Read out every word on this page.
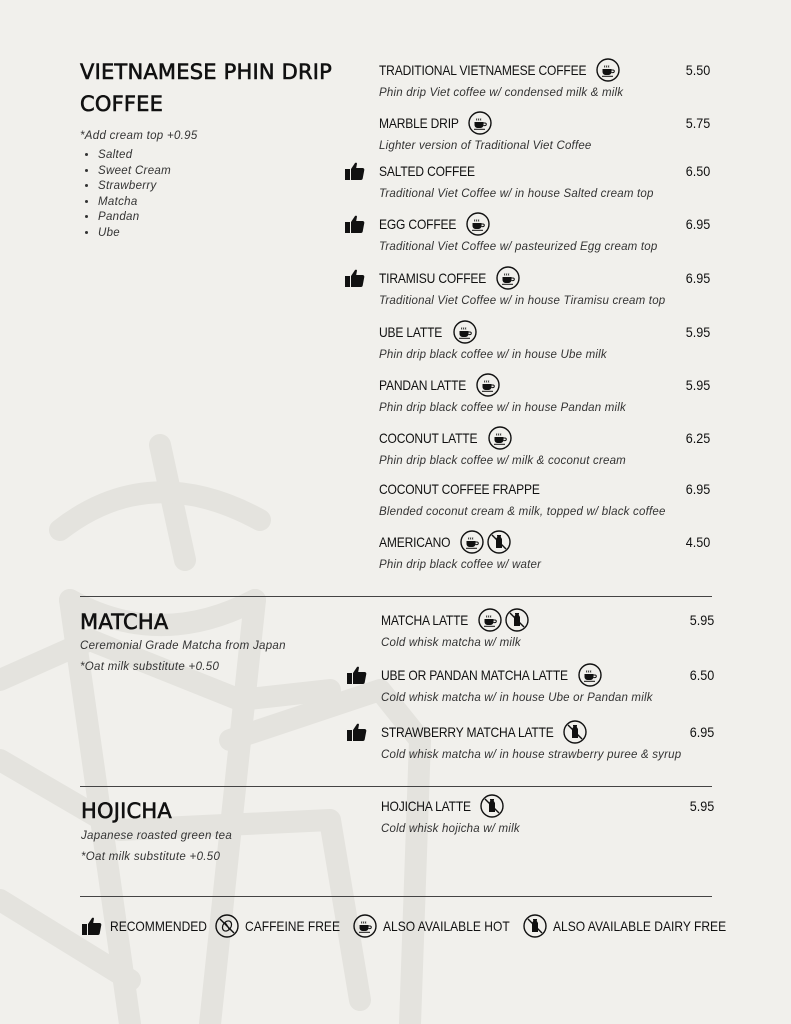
VIETNAMESE PHIN DRIP
COFFEE
*Add cream top +0.95
• Salted
• Sweet Cream
• Strawberry
• Matcha
• Pandan
• Ube
MATCHA
Ceremonial Grade Matcha from Japan
*Oat milk substitute +0.50
HOJICHA
Japanese roasted green tea
*Oat milk substitute +0.50
TRADITIONAL VIETNAMESE COFFEE	5.50
Phin drip Viet coffee w/ condensed milk & milk
MARBLE DRIP	5.75
Lighter version of Traditional Viet Coffee
SALTED COFFEE	6.50
Traditional Viet Coffee w/ in house Salted cream top
EGG COFFEE	6.95
Traditional Viet Coffee w/ pasteurized Egg cream top
TIRAMISU COFFEE	6.95
Traditional Viet Coffee w/ in house Tiramisu cream top
UBE LATTE	5.95
Phin drip black coffee w/ in house Ube milk
PANDAN LATTE	5.95
Phin drip black coffee w/ in house Pandan milk
COCONUT LATTE	6.25
Phin drip black coffee w/ milk & coconut cream
COCONUT COFFEE FRAPPE	6.95
Blended coconut cream & milk, topped w/ black coffee
AMERICANO	4.50
Phin drip black coffee w/ water
MATCHA LATTE	5.95
Cold whisk matcha w/ milk
UBE OR PANDAN MATCHA LATTE	6.50
Cold whisk matcha w/ in house Ube or Pandan milk
STRAWBERRY MATCHA LATTE	6.95
Cold whisk matcha w/ in house strawberry puree & syrup
HOJICHA LATTE	5.95
Cold whisk hojicha w/ milk
RECOMMENDED	CAFFEINE FREE	ALSO AVAILABLE HOT	ALSO AVAILABLE DAIRY FREE
